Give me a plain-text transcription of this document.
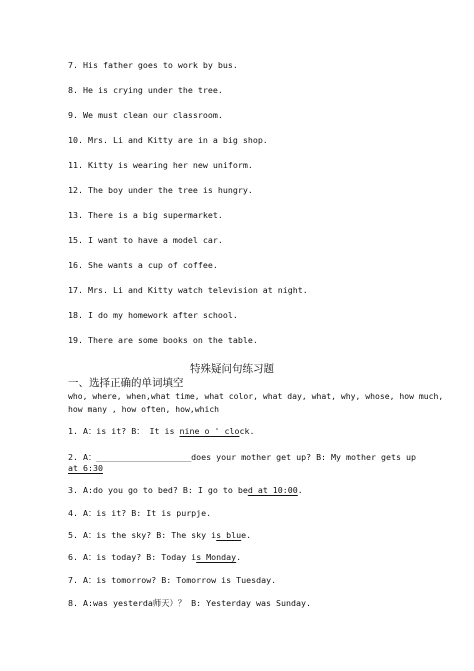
7. His father goes to work by bus.
8. He is crying under the tree.
9. We must clean our classroom.
10. Mrs. Li and Kitty are in a big shop.
11. Kitty is wearing her new uniform.
12. The boy under the tree is hungry.
13. There is a big supermarket.
15. I want to have a model car.
16. She wants a cup of coffee.
17. Mrs. Li and Kitty watch television at night.
18. I do my homework after school.
19. There are some books on the table.
特殊疑问句练习题
一、选择正确的单词填空
who, where, when,what time, what color, what day, what, why, whose, how much, how many , how often, how,which
1. A：is it? B： It is nine o ' clock.
2. A：___________________does your mother get up? B: My mother gets up
at 6:30
3. A:do you go to bed? B: I go to bed at 10:00.
4. A：is it? B: It is purpje.
5. A：is the sky? B: The sky is blue.
6. A：is today? B: Today is Monday.
7. A：is tomorrow? B: Tomorrow is Tuesday.
8. A:was yesterda师天）？ B: Yesterday was Sunday.
